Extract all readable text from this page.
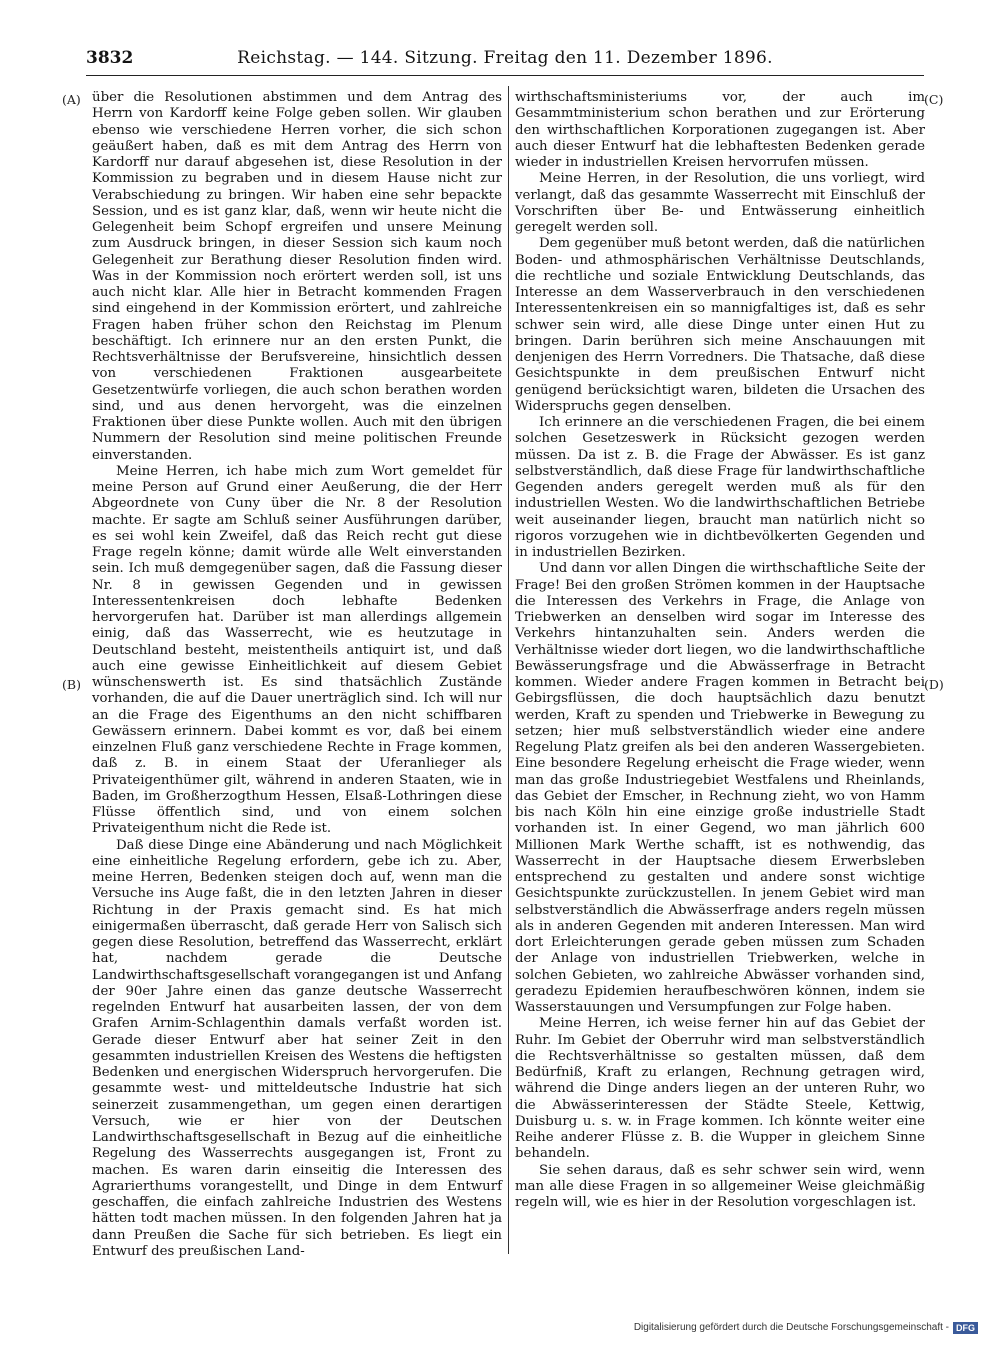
3832	Reichstag. — 144. Sitzung. Freitag den 11. Dezember 1896.
(A)
(B)
(C)
(D)

über die Resolutionen abstimmen und dem Antrag des Herrn von Kardorff keine Folge geben sollen. Wir glauben ebenso wie verschiedene Herren vorher, die sich schon geäußert haben, daß es mit dem Antrag des Herrn von Kardorff nur darauf abgesehen ist, diese Resolution in der Kommission zu begraben und in diesem Hause nicht zur Verabschiedung zu bringen. Wir haben eine sehr bepackte Session, und es ist ganz klar, daß, wenn wir heute nicht die Gelegenheit beim Schopf ergreifen und unsere Meinung zum Ausdruck bringen, in dieser Session sich kaum noch Gelegenheit zur Berathung dieser Resolution finden wird. Was in der Kommission noch erörtert werden soll, ist uns auch nicht klar. Alle hier in Betracht kommenden Fragen sind eingehend in der Kommission erörtert, und zahlreiche Fragen haben früher schon den Reichstag im Plenum beschäftigt. Ich erinnere nur an den ersten Punkt, die Rechtsverhältnisse der Berufsvereine, hinsichtlich dessen von verschiedenen Fraktionen ausgearbeitete Gesetzentwürfe vorliegen, die auch schon berathen worden sind, und aus denen hervorgeht, was die einzelnen Fraktionen über diese Punkte wollen. Auch mit den übrigen Nummern der Resolution sind meine politischen Freunde einverstanden.

Meine Herren, ich habe mich zum Wort gemeldet für meine Person auf Grund einer Aeußerung, die der Herr Abgeordnete von Cuny über die Nr. 8 der Resolution machte. Er sagte am Schluß seiner Ausführungen darüber, es sei wohl kein Zweifel, daß das Reich recht gut diese Frage regeln könne; damit würde alle Welt einverstanden sein. Ich muß demgegenüber sagen, daß die Fassung dieser Nr. 8 in gewissen Gegenden und in gewissen Interessentenkreisen doch lebhafte Bedenken hervorgerufen hat. Darüber ist man allerdings allgemein einig, daß das Wasserrecht, wie es heutzutage in Deutschland besteht, meistentheils antiquirt ist, und daß auch eine gewisse Einheitlichkeit auf diesem Gebiet wünschenswerth ist. Es sind thatsächlich Zustände vorhanden, die auf die Dauer unerträglich sind. Ich will nur an die Frage des Eigenthums an den nicht schiffbaren Gewässern erinnern. Dabei kommt es vor, daß bei einem einzelnen Fluß ganz verschiedene Rechte in Frage kommen, daß z. B. in einem Staat der Uferanlieger als Privateigenthümer gilt, während in anderen Staaten, wie in Baden, im Großherzogthum Hessen, Elsaß-Lothringen diese Flüsse öffentlich sind, und von einem solchen Privateigenthum nicht die Rede ist.

Daß diese Dinge eine Abänderung und nach Möglichkeit eine einheitliche Regelung erfordern, gebe ich zu. Aber, meine Herren, Bedenken steigen doch auf, wenn man die Versuche ins Auge faßt, die in den letzten Jahren in dieser Richtung in der Praxis gemacht sind. Es hat mich einigermaßen überrascht, daß gerade Herr von Salisch sich gegen diese Resolution, betreffend das Wasserrecht, erklärt hat, nachdem gerade die Deutsche Landwirthschaftsgesellschaft vorangegangen ist und Anfang der 90er Jahre einen das ganze deutsche Wasserrecht regelnden Entwurf hat ausarbeiten lassen, der von dem Grafen Arnim-Schlagenthin damals verfaßt worden ist. Gerade dieser Entwurf aber hat seiner Zeit in den gesammten industriellen Kreisen des Westens die heftigsten Bedenken und energischen Widerspruch hervorgerufen. Die gesammte west- und mitteldeutsche Industrie hat sich seinerzeit zusammengethan, um gegen einen derartigen Versuch, wie er hier von der Deutschen Landwirthschaftsgesellschaft in Bezug auf die einheitliche Regelung des Wasserrechts ausgegangen ist, Front zu machen. Es waren darin einseitig die Interessen des Agrarierthums vorangestellt, und Dinge in dem Entwurf geschaffen, die einfach zahlreiche Industrien des Westens hätten todt machen müssen. In den folgenden Jahren hat ja dann Preußen die Sache für sich betrieben. Es liegt ein Entwurf des preußischen Land-

wirthschaftsministeriums vor, der auch im Gesammtministerium schon berathen und zur Erörterung den wirthschaftlichen Korporationen zugegangen ist. Aber auch dieser Entwurf hat die lebhaftesten Bedenken gerade wieder in industriellen Kreisen hervorrufen müssen.

Meine Herren, in der Resolution, die uns vorliegt, wird verlangt, daß das gesammte Wasserrecht mit Einschluß der Vorschriften über Be- und Entwässerung einheitlich geregelt werden soll.

Dem gegenüber muß betont werden, daß die natürlichen Boden- und athmosphärischen Verhältnisse Deutschlands, die rechtliche und soziale Entwicklung Deutschlands, das Interesse an dem Wasserverbrauch in den verschiedenen Interessentenkreisen ein so mannigfaltiges ist, daß es sehr schwer sein wird, alle diese Dinge unter einen Hut zu bringen. Darin berühren sich meine Anschauungen mit denjenigen des Herrn Vorredners. Die Thatsache, daß diese Gesichtspunkte in dem preußischen Entwurf nicht genügend berücksichtigt waren, bildeten die Ursachen des Widerspruchs gegen denselben.

Ich erinnere an die verschiedenen Fragen, die bei einem solchen Gesetzeswerk in Rücksicht gezogen werden müssen. Da ist z. B. die Frage der Abwässer. Es ist ganz selbstverständlich, daß diese Frage für landwirthschaftliche Gegenden anders geregelt werden muß als für den industriellen Westen. Wo die landwirthschaftlichen Betriebe weit auseinander liegen, braucht man natürlich nicht so rigoros vorzugehen wie in dichtbevölkerten Gegenden und in industriellen Bezirken.

Und dann vor allen Dingen die wirthschaftliche Seite der Frage! Bei den großen Strömen kommen in der Hauptsache die Interessen des Verkehrs in Frage, die Anlage von Triebwerken an denselben wird sogar im Interesse des Verkehrs hintanzuhalten sein. Anders werden die Verhältnisse wieder dort liegen, wo die landwirthschaftliche Bewässerungsfrage und die Abwässerfrage in Betracht kommen. Wieder andere Fragen kommen in Betracht bei Gebirgsflüssen, die doch hauptsächlich dazu benutzt werden, Kraft zu spenden und Triebwerke in Bewegung zu setzen; hier muß selbstverständlich wieder eine andere Regelung Platz greifen als bei den anderen Wassergebieten. Eine besondere Regelung erheischt die Frage wieder, wenn man das große Industriegebiet Westfalens und Rheinlands, das Gebiet der Emscher, in Rechnung zieht, wo von Hamm bis nach Köln hin eine einzige große industrielle Stadt vorhanden ist. In einer Gegend, wo man jährlich 600 Millionen Mark Werthe schafft, ist es nothwendig, das Wasserrecht in der Hauptsache diesem Erwerbsleben entsprechend zu gestalten und andere sonst wichtige Gesichtspunkte zurückzustellen. In jenem Gebiet wird man selbstverständlich die Abwässerfrage anders regeln müssen als in anderen Gegenden mit anderen Interessen. Man wird dort Erleichterungen gerade geben müssen zum Schaden der Anlage von industriellen Triebwerken, welche in solchen Gebieten, wo zahlreiche Abwässer vorhanden sind, geradezu Epidemien heraufbeschwören können, indem sie Wasserstauungen und Versumpfungen zur Folge haben.

Meine Herren, ich weise ferner hin auf das Gebiet der Ruhr. Im Gebiet der Oberruhr wird man selbstverständlich die Rechtsverhältnisse so gestalten müssen, daß dem Bedürfniß, Kraft zu erlangen, Rechnung getragen wird, während die Dinge anders liegen an der unteren Ruhr, wo die Abwässerinteressen der Städte Steele, Kettwig, Duisburg u. s. w. in Frage kommen. Ich könnte weiter eine Reihe anderer Flüsse z. B. die Wupper in gleichem Sinne behandeln.

Sie sehen daraus, daß es sehr schwer sein wird, wenn man alle diese Fragen in so allgemeiner Weise gleichmäßig regeln will, wie es hier in der Resolution vorgeschlagen ist.

Digitalisierung gefördert durch die Deutsche Forschungsgemeinschaft - DFG
